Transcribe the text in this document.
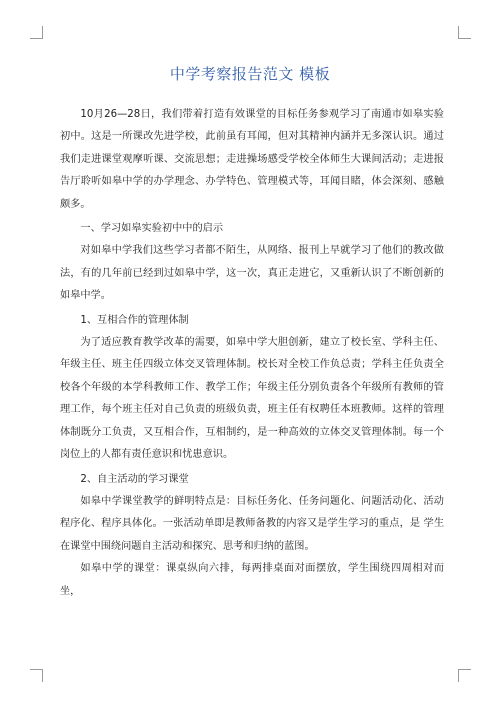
中学考察报告范文 模板

10月26—28日，我们带着打造有效课堂的目标任务参观学习了南通市如皋实验初中。这是一所课改先进学校，此前虽有耳闻，但对其精神内涵并无多深认识。通过我们走进课堂观摩听课、交流思想；走进操场感受学校全体师生大课间活动；走进报告厅聆听如皋中学的办学理念、办学特色、管理模式等，耳闻目睹，体会深刻、感触颇多。

一、学习如皋实验初中中的启示

对如皋中学我们这些学习者都不陌生，从网络、报刊上早就学习了他们的教改做法，有的几年前已经到过如皋中学，这一次，真正走进它，又重新认识了不断创新的如皋中学。

1、互相合作的管理体制

为了适应教育教学改革的需要，如皋中学大胆创新，建立了校长室、学科主任、年级主任、班主任四级立体交叉管理体制。校长对全校工作负总责；学科主任负责全校各个年级的本学科教师工作、教学工作；年级主任分别负责各个年级所有教师的管理工作，每个班主任对自己负责的班级负责，班主任有权聘任本班教师。这样的管理体制既分工负责，又互相合作，互相制约，是一种高效的立体交叉管理体制。每一个岗位上的人都有责任意识和忧患意识。

2、自主活动的学习课堂

如皋中学课堂教学的鲜明特点是：目标任务化、任务问题化、问题活动化、活动程序化、程序具体化。一张活动单即是教师备教的内容又是学生学习的重点，是 学生在课堂中围绕问题自主活动和探究、思考和归纳的蓝图。

如皋中学的课堂：课桌纵向六排，每两排桌面对面摆放，学生围绕四周相对而坐，
